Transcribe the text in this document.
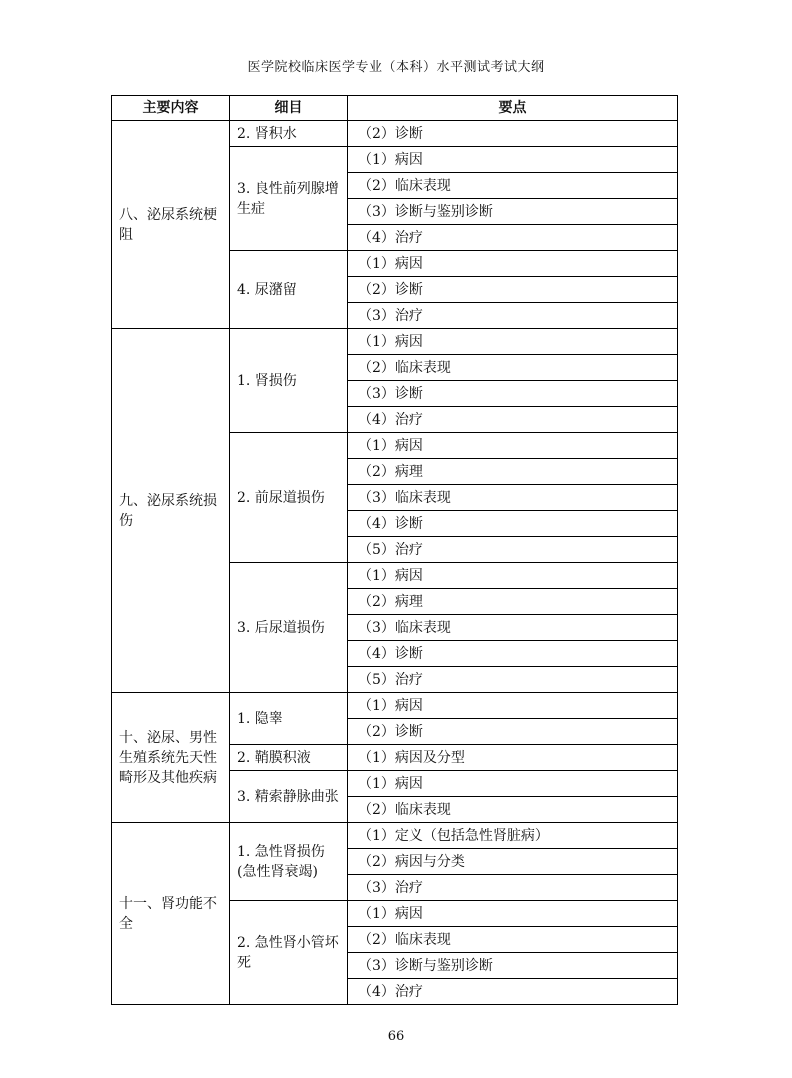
医学院校临床医学专业（本科）水平测试考试大纲
主要内容	细目	要点
八、泌尿系统梗阻	2. 肾积水	（2）诊断
	3. 良性前列腺增生症	（1）病因
		（2）临床表现
		（3）诊断与鉴别诊断
		（4）治疗
	4. 尿潴留	（1）病因
		（2）诊断
		（3）治疗
九、泌尿系统损伤	1. 肾损伤	（1）病因
		（2）临床表现
		（3）诊断
		（4）治疗
	2. 前尿道损伤	（1）病因
		（2）病理
		（3）临床表现
		（4）诊断
		（5）治疗
	3. 后尿道损伤	（1）病因
		（2）病理
		（3）临床表现
		（4）诊断
		（5）治疗
十、泌尿、男性生殖系统先天性畸形及其他疾病	1. 隐睾	（1）病因
		（2）诊断
	2. 鞘膜积液	（1）病因及分型
	3. 精索静脉曲张	（1）病因
		（2）临床表现
十一、肾功能不全	1. 急性肾损伤(急性肾衰竭)	（1）定义（包括急性肾脏病）
		（2）病因与分类
		（3）治疗
	2. 急性肾小管坏死	（1）病因
		（2）临床表现
		（3）诊断与鉴别诊断
		（4）治疗
66
